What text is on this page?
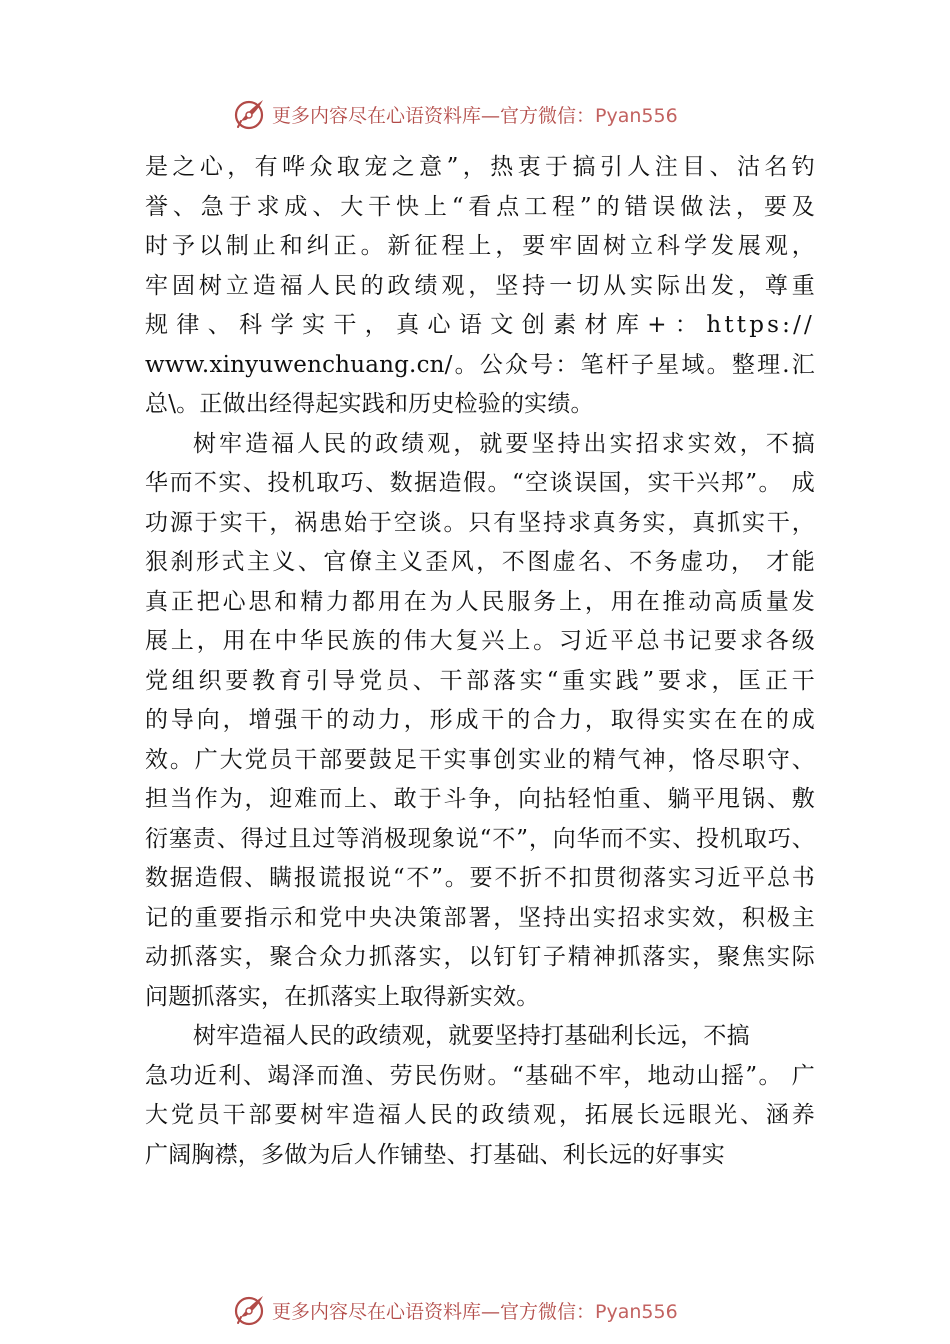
更多内容尽在心语资料库—官方微信：Pyan556
是之心，有哗众取宠之意”，热衷于搞引人注目、沽名钓
誉、急于求成、大干快上“看点工程”的错误做法，要及
时予以制止和纠正。新征程上，要牢固树立科学发展观，
牢固树立造福人民的政绩观，坚持一切从实际出发，尊重
规律、科学实干，真心语文创素材库+：https://
www.xinyuwenchuang.cn/。公众号：笔杆子星域。整理.汇
总\。正做出经得起实践和历史检验的实绩。
树牢造福人民的政绩观，就要坚持出实招求实效，不搞
华而不实、投机取巧、数据造假。“空谈误国，实干兴邦”。 成
功源于实干，祸患始于空谈。只有坚持求真务实，真抓实干，
狠刹形式主义、官僚主义歪风，不图虚名、不务虚功， 才能
真正把心思和精力都用在为人民服务上，用在推动高质量发
展上，用在中华民族的伟大复兴上。习近平总书记要求各级
党组织要教育引导党员、干部落实“重实践”要求，匡正干
的导向，增强干的动力，形成干的合力，取得实实在在的成
效。广大党员干部要鼓足干实事创实业的精气神，恪尽职守、
担当作为，迎难而上、敢于斗争，向拈轻怕重、躺平甩锅、敷
衍塞责、得过且过等消极现象说“不”，向华而不实、投机取巧、
数据造假、瞒报谎报说“不”。要不折不扣贯彻落实习近平总书
记的重要指示和党中央决策部署，坚持出实招求实效，积极主
动抓落实，聚合众力抓落实，以钉钉子精神抓落实，聚焦实际
问题抓落实，在抓落实上取得新实效。
树牢造福人民的政绩观，就要坚持打基础利长远，不搞
急功近利、竭泽而渔、劳民伤财。“基础不牢，地动山摇”。 广
大党员干部要树牢造福人民的政绩观，拓展长远眼光、涵养
广阔胸襟，多做为后人作铺垫、打基础、利长远的好事实
更多内容尽在心语资料库—官方微信：Pyan556
